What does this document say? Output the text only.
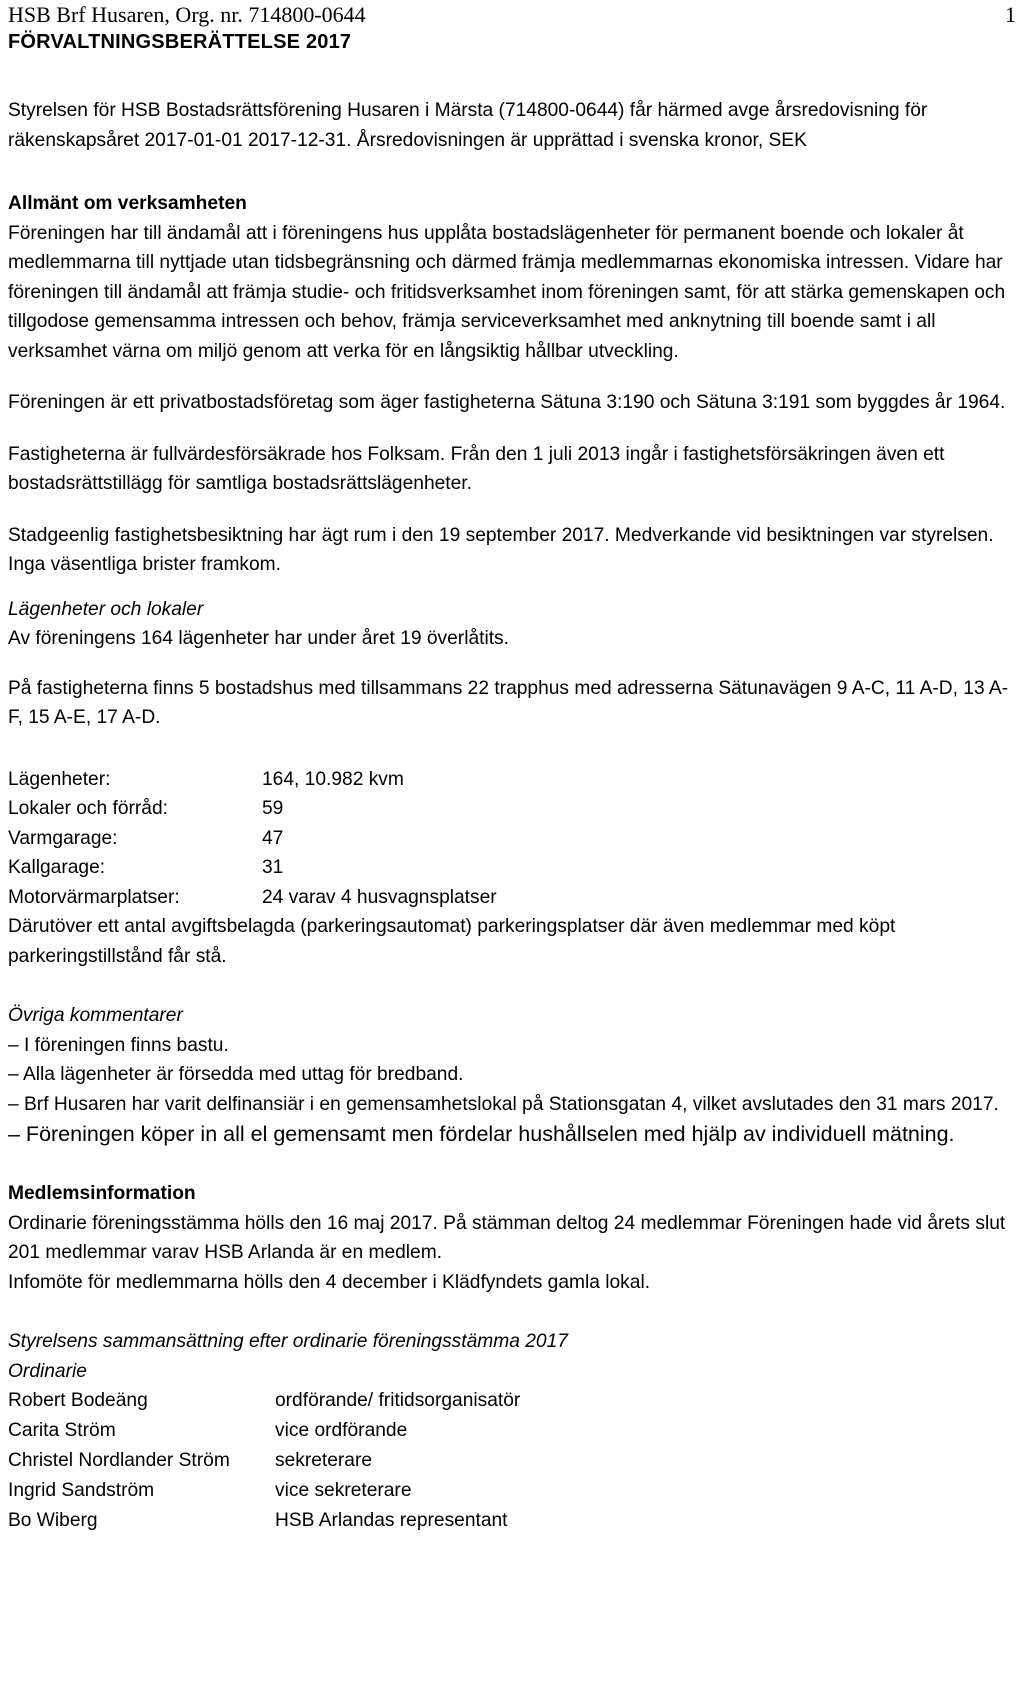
HSB Brf Husaren, Org. nr. 714800-0644	1
FÖRVALTNINGSBERÄTTELSE 2017

Styrelsen för HSB Bostadsrättsförening Husaren i Märsta (714800-0644) får härmed avge årsredovisning för räkenskapsåret 2017-01-01 2017-12-31. Årsredovisningen är upprättad i svenska kronor, SEK

Allmänt om verksamheten

Föreningen har till ändamål att i föreningens hus upplåta bostadslägenheter för permanent boende och lokaler åt medlemmarna till nyttjade utan tidsbegränsning och därmed främja medlemmarnas ekonomiska intressen. Vidare har föreningen till ändamål att främja studie- och fritidsverksamhet inom föreningen samt, för att stärka gemenskapen och tillgodose gemensamma intressen och behov, främja serviceverksamhet med anknytning till boende samt i all verksamhet värna om miljö genom att verka för en långsiktig hållbar utveckling.

Föreningen är ett privatbostadsföretag som äger fastigheterna Sätuna 3:190 och Sätuna 3:191 som byggdes år 1964.

Fastigheterna är fullvärdesförsäkrade hos Folksam. Från den 1 juli 2013 ingår i fastighetsförsäkringen även ett bostadsrättstillägg för samtliga bostadsrättslägenheter.

Stadgeenlig fastighetsbesiktning har ägt rum i den 19 september 2017. Medverkande vid besiktningen var styrelsen. Inga väsentliga brister framkom.

Lägenheter och lokaler

Av föreningens 164 lägenheter har under året 19 överlåtits.

På fastigheterna finns 5 bostadshus med tillsammans 22 trapphus med adresserna Sätunavägen 9 A-C, 11 A-D, 13 A-F, 15 A-E, 17 A-D.

Lägenheter:	164, 10.982 kvm
Lokaler och förråd:	59
Varmgarage:	47
Kallgarage:	31
Motorvärmarplatser:	24 varav 4 husvagnsplatser

Därutöver ett antal avgiftsbelagda (parkeringsautomat) parkeringsplatser där även medlemmar med köpt parkeringstillstånd får stå.

Övriga kommentarer

– I föreningen finns bastu.

– Alla lägenheter är försedda med uttag för bredband.

– Brf Husaren har varit delfinansiär i en gemensamhetslokal på Stationsgatan 4, vilket avslutades den 31 mars 2017.

– Föreningen köper in all el gemensamt men fördelar hushållselen med hjälp av individuell mätning.

Medlemsinformation

Ordinarie föreningsstämma hölls den 16 maj 2017. På stämman deltog 24 medlemmar Föreningen hade vid årets slut 201 medlemmar varav HSB Arlanda är en medlem.

Infomöte för medlemmarna hölls den 4 december i Klädfyndets gamla lokal.

Styrelsens sammansättning efter ordinarie föreningsstämma 2017
Ordinarie
Robert Bodeäng	ordförande/ fritidsorganisatör
Carita Ström	vice ordförande
Christel Nordlander Ström	sekreterare
Ingrid Sandström	vice sekreterare
Bo Wiberg	HSB Arlandas representant
